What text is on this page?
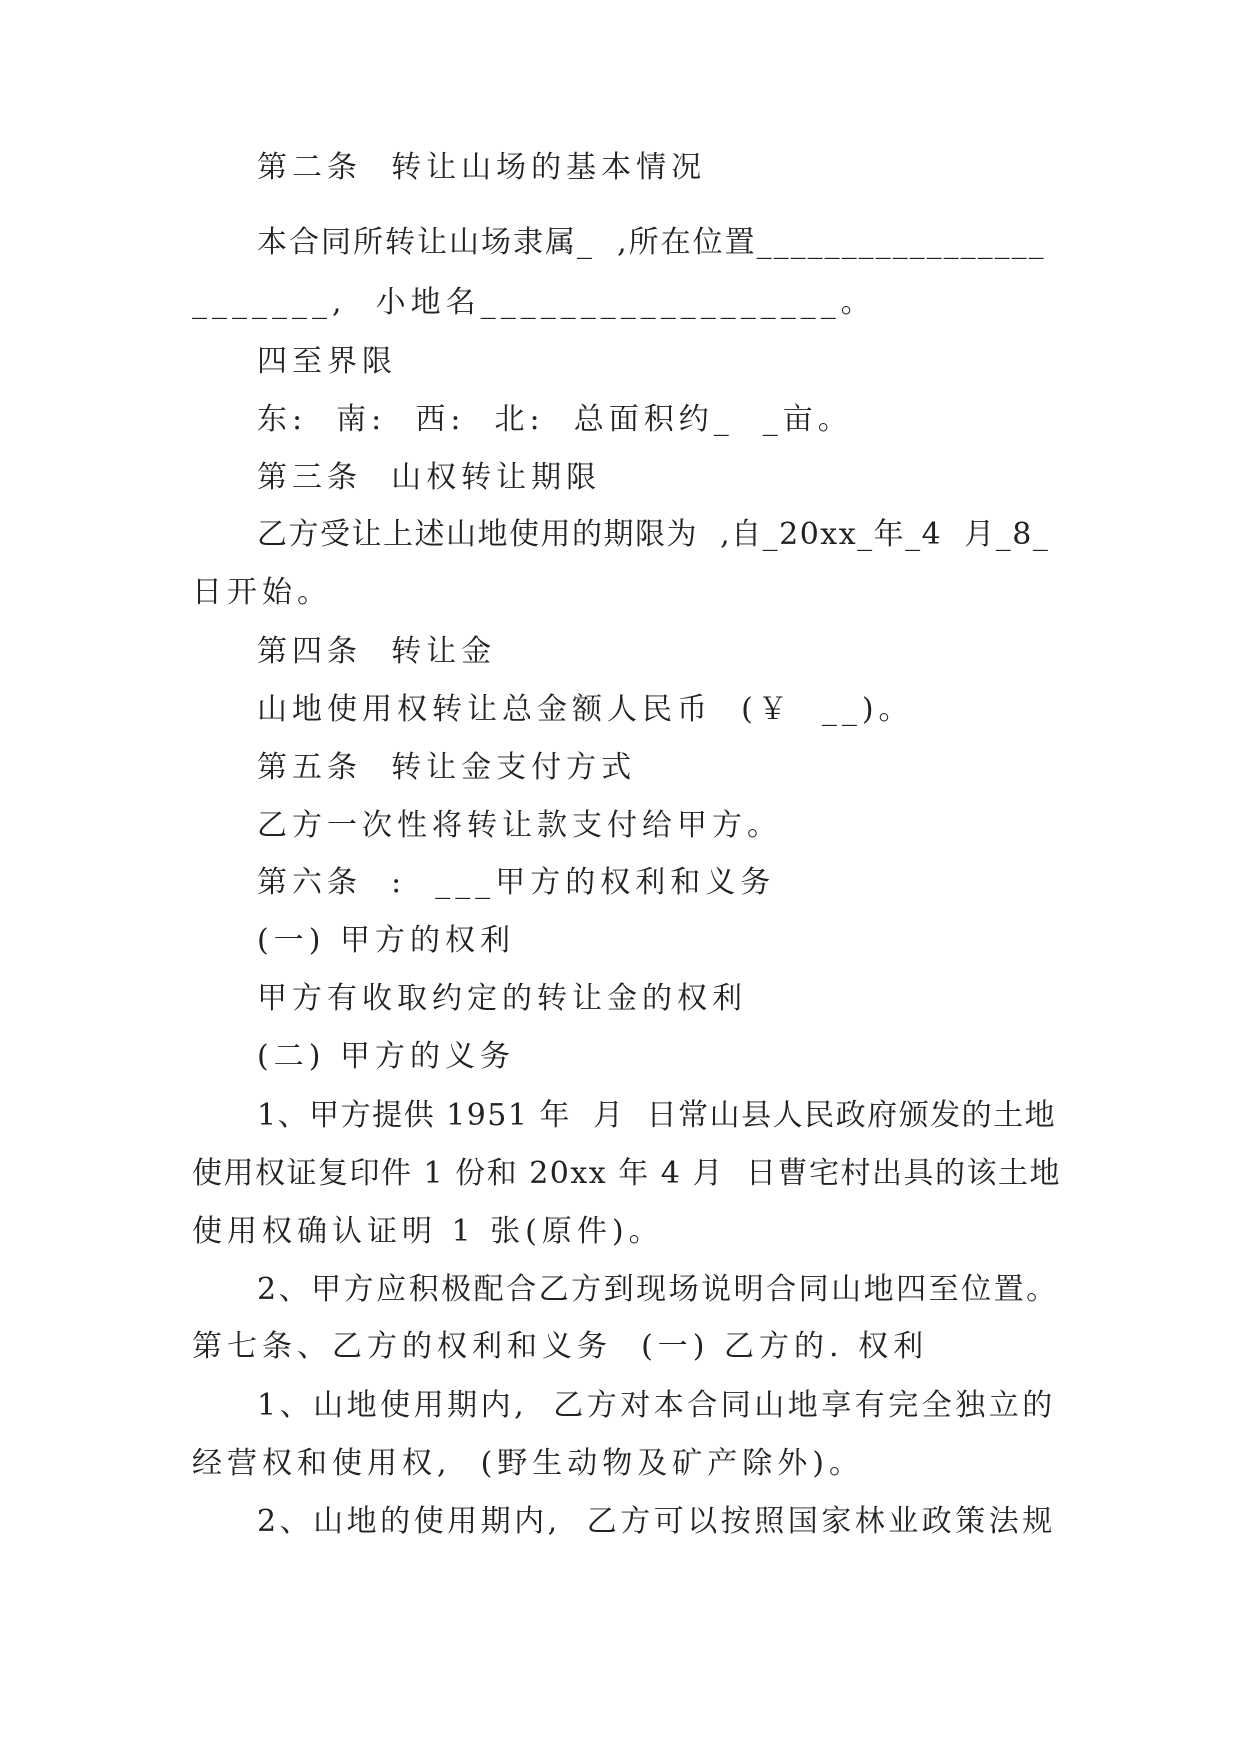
第二条  转让山场的基本情况
本合同所转让山场隶属_  ,所在位置_________________
_______,  小地名__________________。
四至界限
东:  南:  西:  北:  总面积约_  _亩。
第三条  山权转让期限
乙方受让上述山地使用的期限为  ,自_20xx_年_4  月_8_
日开始。
第四条  转让金
山地使用权转让总金额人民币  (￥  __)。
第五条  转让金支付方式
乙方一次性将转让款支付给甲方。
第六条  :  ___甲方的权利和义务
(一) 甲方的权利
甲方有收取约定的转让金的权利
(二) 甲方的义务
1、甲方提供 1951 年  月  日常山县人民政府颁发的土地
使用权证复印件 1 份和 20xx 年 4 月  日曹宅村出具的该土地
使用权确认证明 1 张(原件)。
2、甲方应积极配合乙方到现场说明合同山地四至位置。
第七条、乙方的权利和义务  (一) 乙方的. 权利
1、山地使用期内,  乙方对本合同山地享有完全独立的
经营权和使用权,  (野生动物及矿产除外)。
2、山地的使用期内,  乙方可以按照国家林业政策法规
